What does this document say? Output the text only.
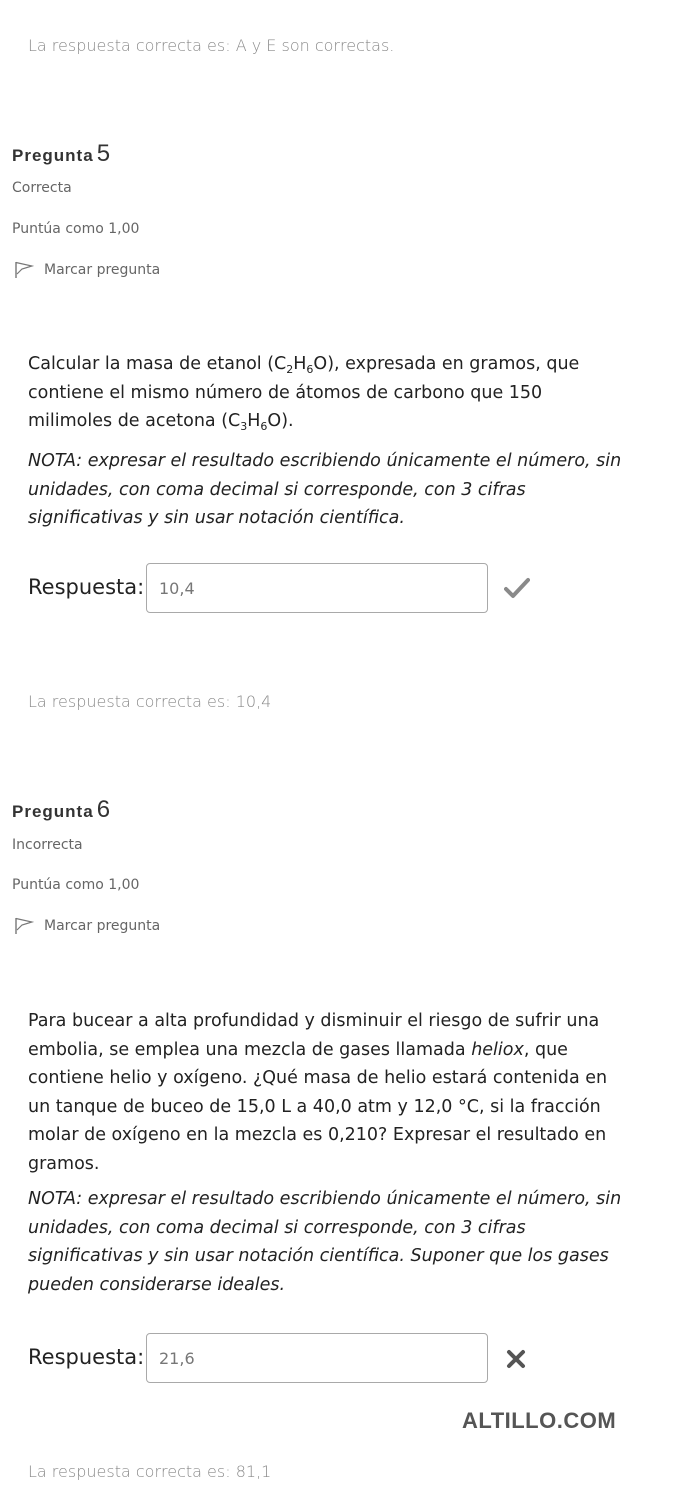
La respuesta correcta es: A y E son correctas.
Pregunta 5
Correcta
Puntúa como 1,00
Marcar pregunta
Calcular la masa de etanol $(C_2H_6O)$, expresada en gramos, que contiene el mismo número de átomos de carbono que 150 milimoles de acetona $(C_3H_6O)$.
NOTA: expresar el resultado escribiendo únicamente el número, sin unidades, con coma decimal si corresponde, con 3 cifras significativas y sin usar notación científica.
Respuesta:
10,4
La respuesta correcta es: 10,4
Pregunta 6
Incorrecta
Puntúa como 1,00
Marcar pregunta
Para bucear a alta profundidad y disminuir el riesgo de sufrir una embolia, se emplea una mezcla de gases llamada heliox, que contiene helio y oxígeno. ¿Qué masa de helio estará contenida en un tanque de buceo de 15,0 L a 40,0 atm y 12,0 °C, si la fracción molar de oxígeno en la mezcla es 0,210? Expresar el resultado en gramos.
NOTA: expresar el resultado escribiendo únicamente el número, sin unidades, con coma decimal si corresponde, con 3 cifras significativas y sin usar notación científica. Suponer que los gases pueden considerarse ideales.
Respuesta:
21,6
ALTILLO.COM
La respuesta correcta es: 81,1
